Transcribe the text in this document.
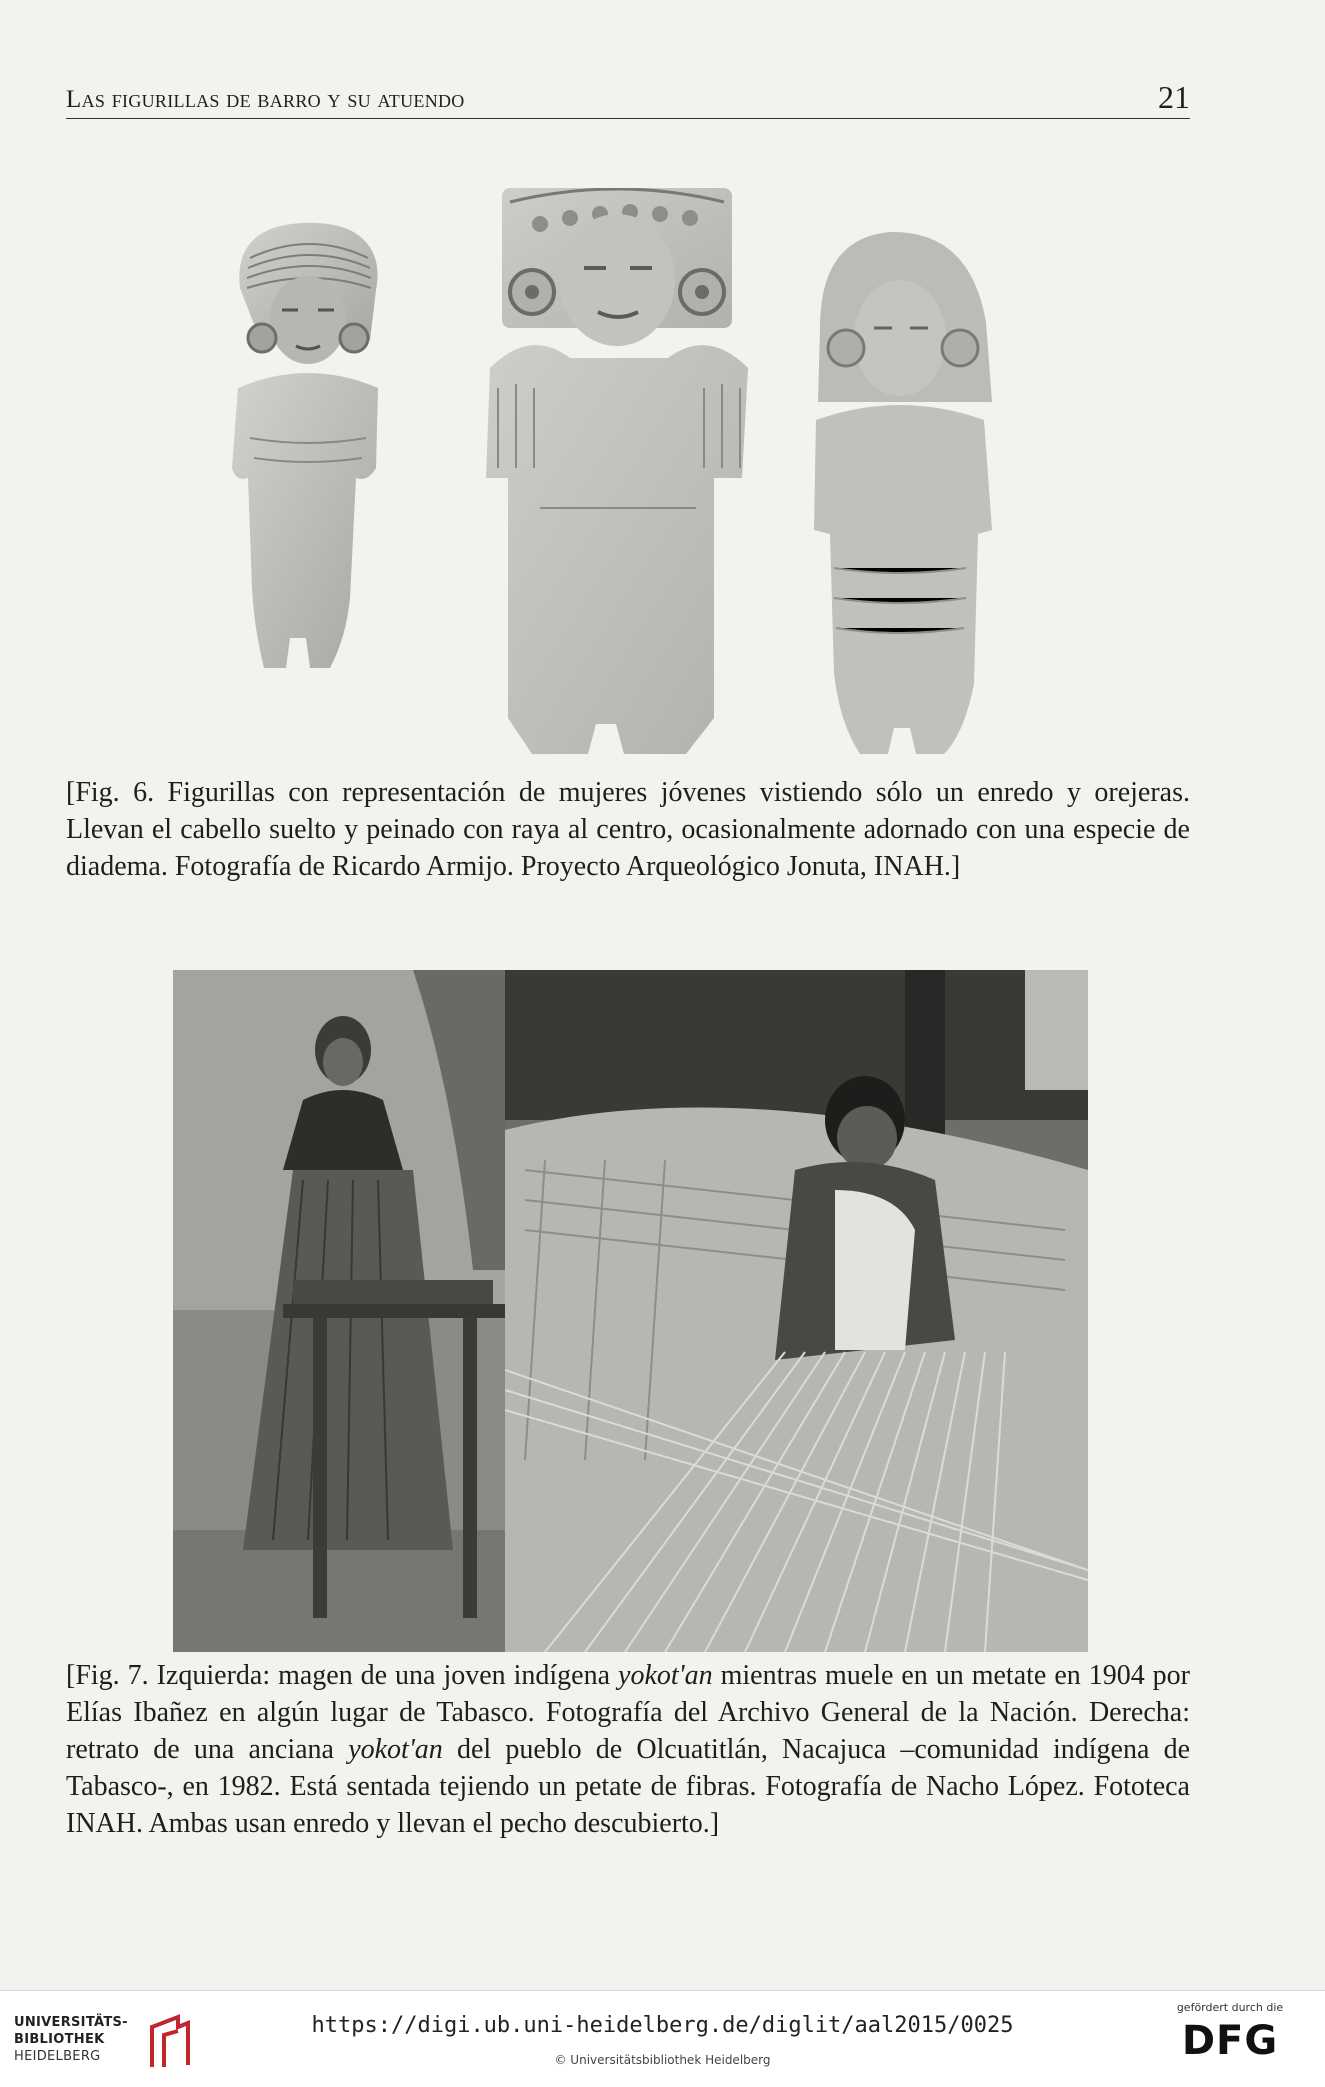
Las figurillas de barro y su atuendo	21
[Fig. 6. Figurillas con representación de mujeres jóvenes vistiendo sólo un enredo y orejeras. Llevan el cabello suelto y peinado con raya al centro, ocasionalmente adornado con una especie de diadema. Fotografía de Ricardo Armijo. Proyecto Arqueológico Jonuta, INAH.]
[Fig. 7. Izquierda: magen de una joven indígena yokot'an mientras muele en un metate en 1904 por Elías Ibañez en algún lugar de Tabasco. Fotografía del Archivo General de la Nación. Derecha: retrato de una anciana yokot'an del pueblo de Olcuatitlán, Nacajuca –comunidad indígena de Tabasco-, en 1982. Está sentada tejiendo un petate de fibras. Fotografía de Nacho López. Fototeca INAH. Ambas usan enredo y llevan el pecho descubierto.]
UNIVERSITÄTS-
BIBLIOTHEK
HEIDELBERG
https://digi.ub.uni-heidelberg.de/diglit/aal2015/0025
© Universitätsbibliothek Heidelberg
gefördert durch die
DFG
